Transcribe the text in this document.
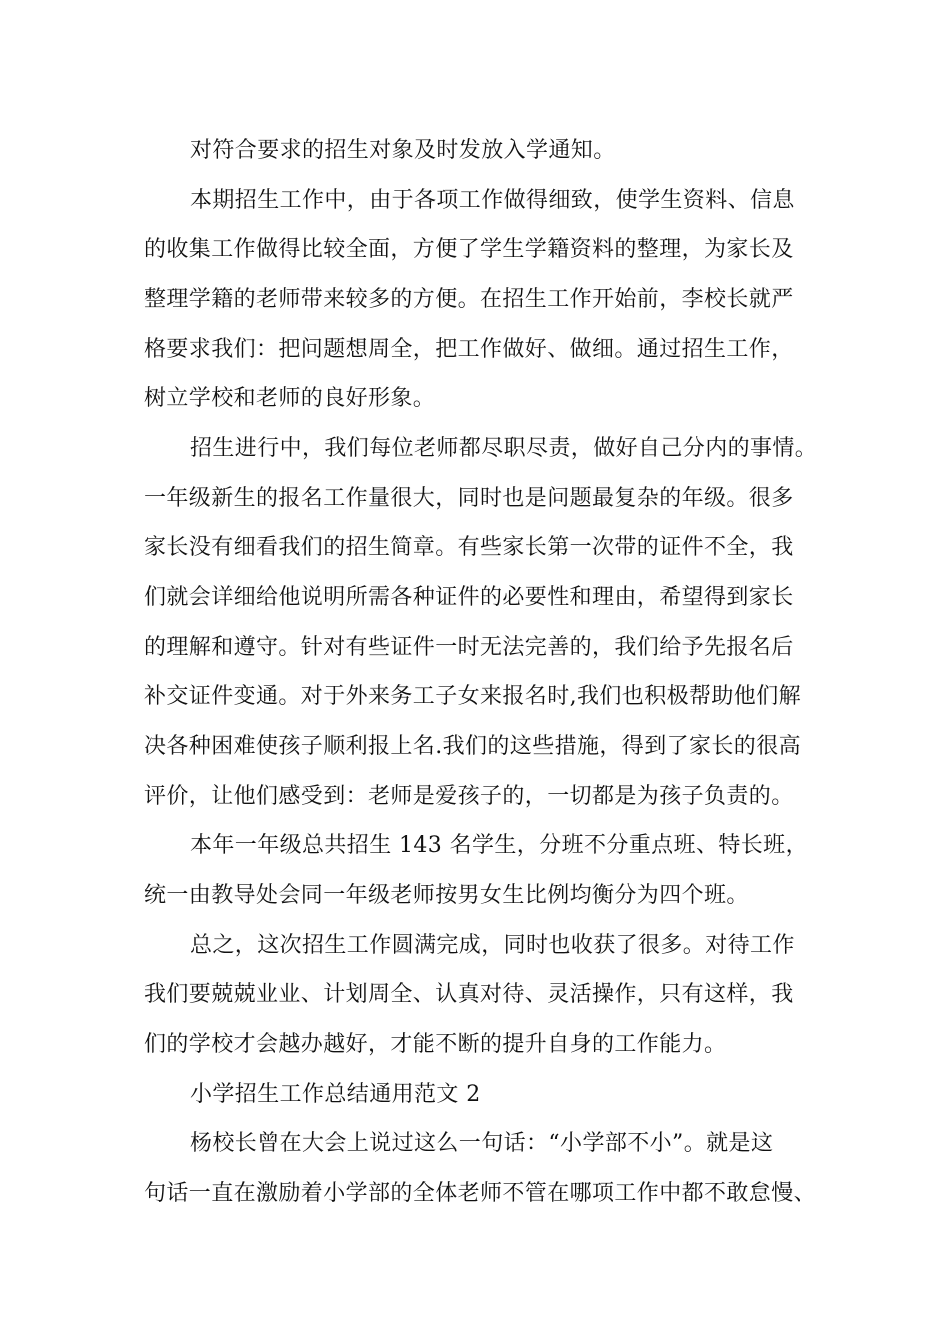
对符合要求的招生对象及时发放入学通知。
本期招生工作中，由于各项工作做得细致，使学生资料、信息
的收集工作做得比较全面，方便了学生学籍资料的整理，为家长及
整理学籍的老师带来较多的方便。在招生工作开始前，李校长就严
格要求我们：把问题想周全，把工作做好、做细。通过招生工作，
树立学校和老师的良好形象。
招生进行中，我们每位老师都尽职尽责，做好自己分内的事情。
一年级新生的报名工作量很大，同时也是问题最复杂的年级。很多
家长没有细看我们的招生简章。有些家长第一次带的证件不全，我
们就会详细给他说明所需各种证件的必要性和理由，希望得到家长
的理解和遵守。针对有些证件一时无法完善的，我们给予先报名后
补交证件变通。对于外来务工子女来报名时,我们也积极帮助他们解
决各种困难使孩子顺利报上名.我们的这些措施，得到了家长的很高
评价，让他们感受到：老师是爱孩子的，一切都是为孩子负责的。
本年一年级总共招生 143 名学生，分班不分重点班、特长班，
统一由教导处会同一年级老师按男女生比例均衡分为四个班。
总之，这次招生工作圆满完成，同时也收获了很多。对待工作
我们要兢兢业业、计划周全、认真对待、灵活操作，只有这样，我
们的学校才会越办越好，才能不断的提升自身的工作能力。
小学招生工作总结通用范文 2
杨校长曾在大会上说过这么一句话：“小学部不小”。就是这
句话一直在激励着小学部的全体老师不管在哪项工作中都不敢怠慢、
